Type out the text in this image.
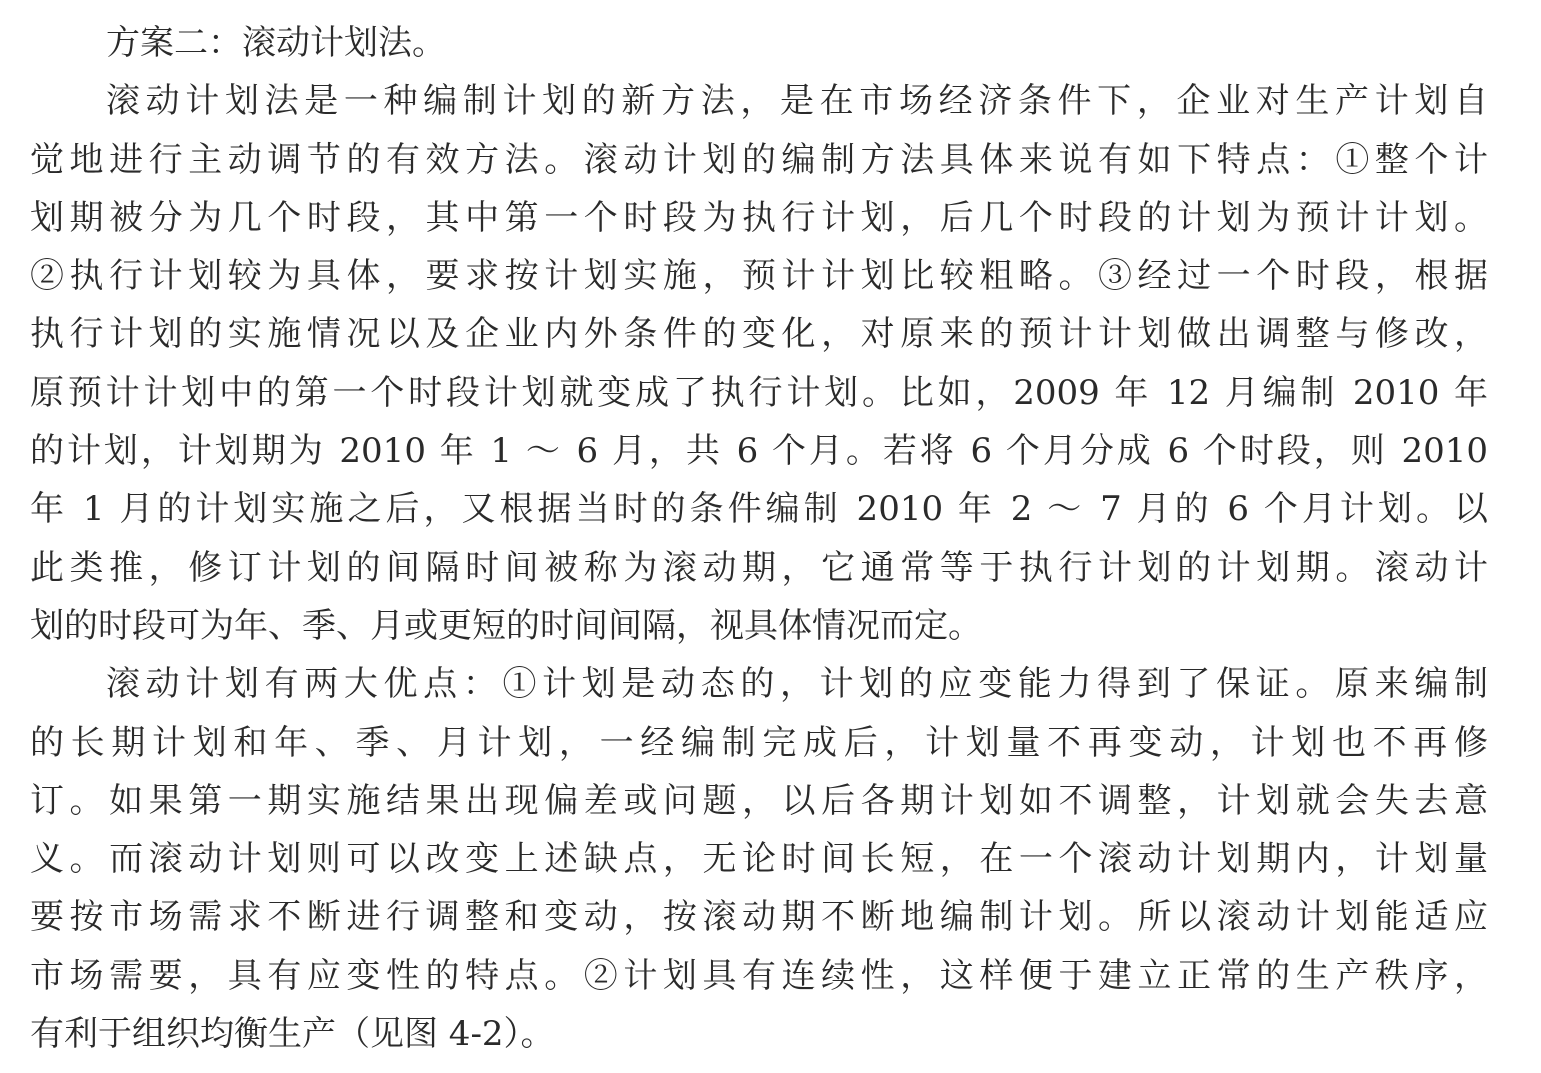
方案二：滚动计划法。
滚动计划法是一种编制计划的新方法，是在市场经济条件下，企业对生产计划自
觉地进行主动调节的有效方法。滚动计划的编制方法具体来说有如下特点：①整个计
划期被分为几个时段，其中第一个时段为执行计划，后几个时段的计划为预计计划。
②执行计划较为具体，要求按计划实施，预计计划比较粗略。③经过一个时段，根据
执行计划的实施情况以及企业内外条件的变化，对原来的预计计划做出调整与修改，
原预计计划中的第一个时段计划就变成了执行计划。比如，2009 年 12 月编制 2010 年
的计划，计划期为 2010 年 1 ～ 6 月，共 6 个月。若将 6 个月分成 6 个时段，则 2010
年 1 月的计划实施之后，又根据当时的条件编制 2010 年 2 ～ 7 月的 6 个月计划。以
此类推，修订计划的间隔时间被称为滚动期，它通常等于执行计划的计划期。滚动计
划的时段可为年、季、月或更短的时间间隔，视具体情况而定。
滚动计划有两大优点：①计划是动态的，计划的应变能力得到了保证。原来编制
的长期计划和年、季、月计划，一经编制完成后，计划量不再变动，计划也不再修
订。如果第一期实施结果出现偏差或问题，以后各期计划如不调整，计划就会失去意
义。而滚动计划则可以改变上述缺点，无论时间长短，在一个滚动计划期内，计划量
要按市场需求不断进行调整和变动，按滚动期不断地编制计划。所以滚动计划能适应
市场需要，具有应变性的特点。②计划具有连续性，这样便于建立正常的生产秩序，
有利于组织均衡生产（见图 4-2）。
